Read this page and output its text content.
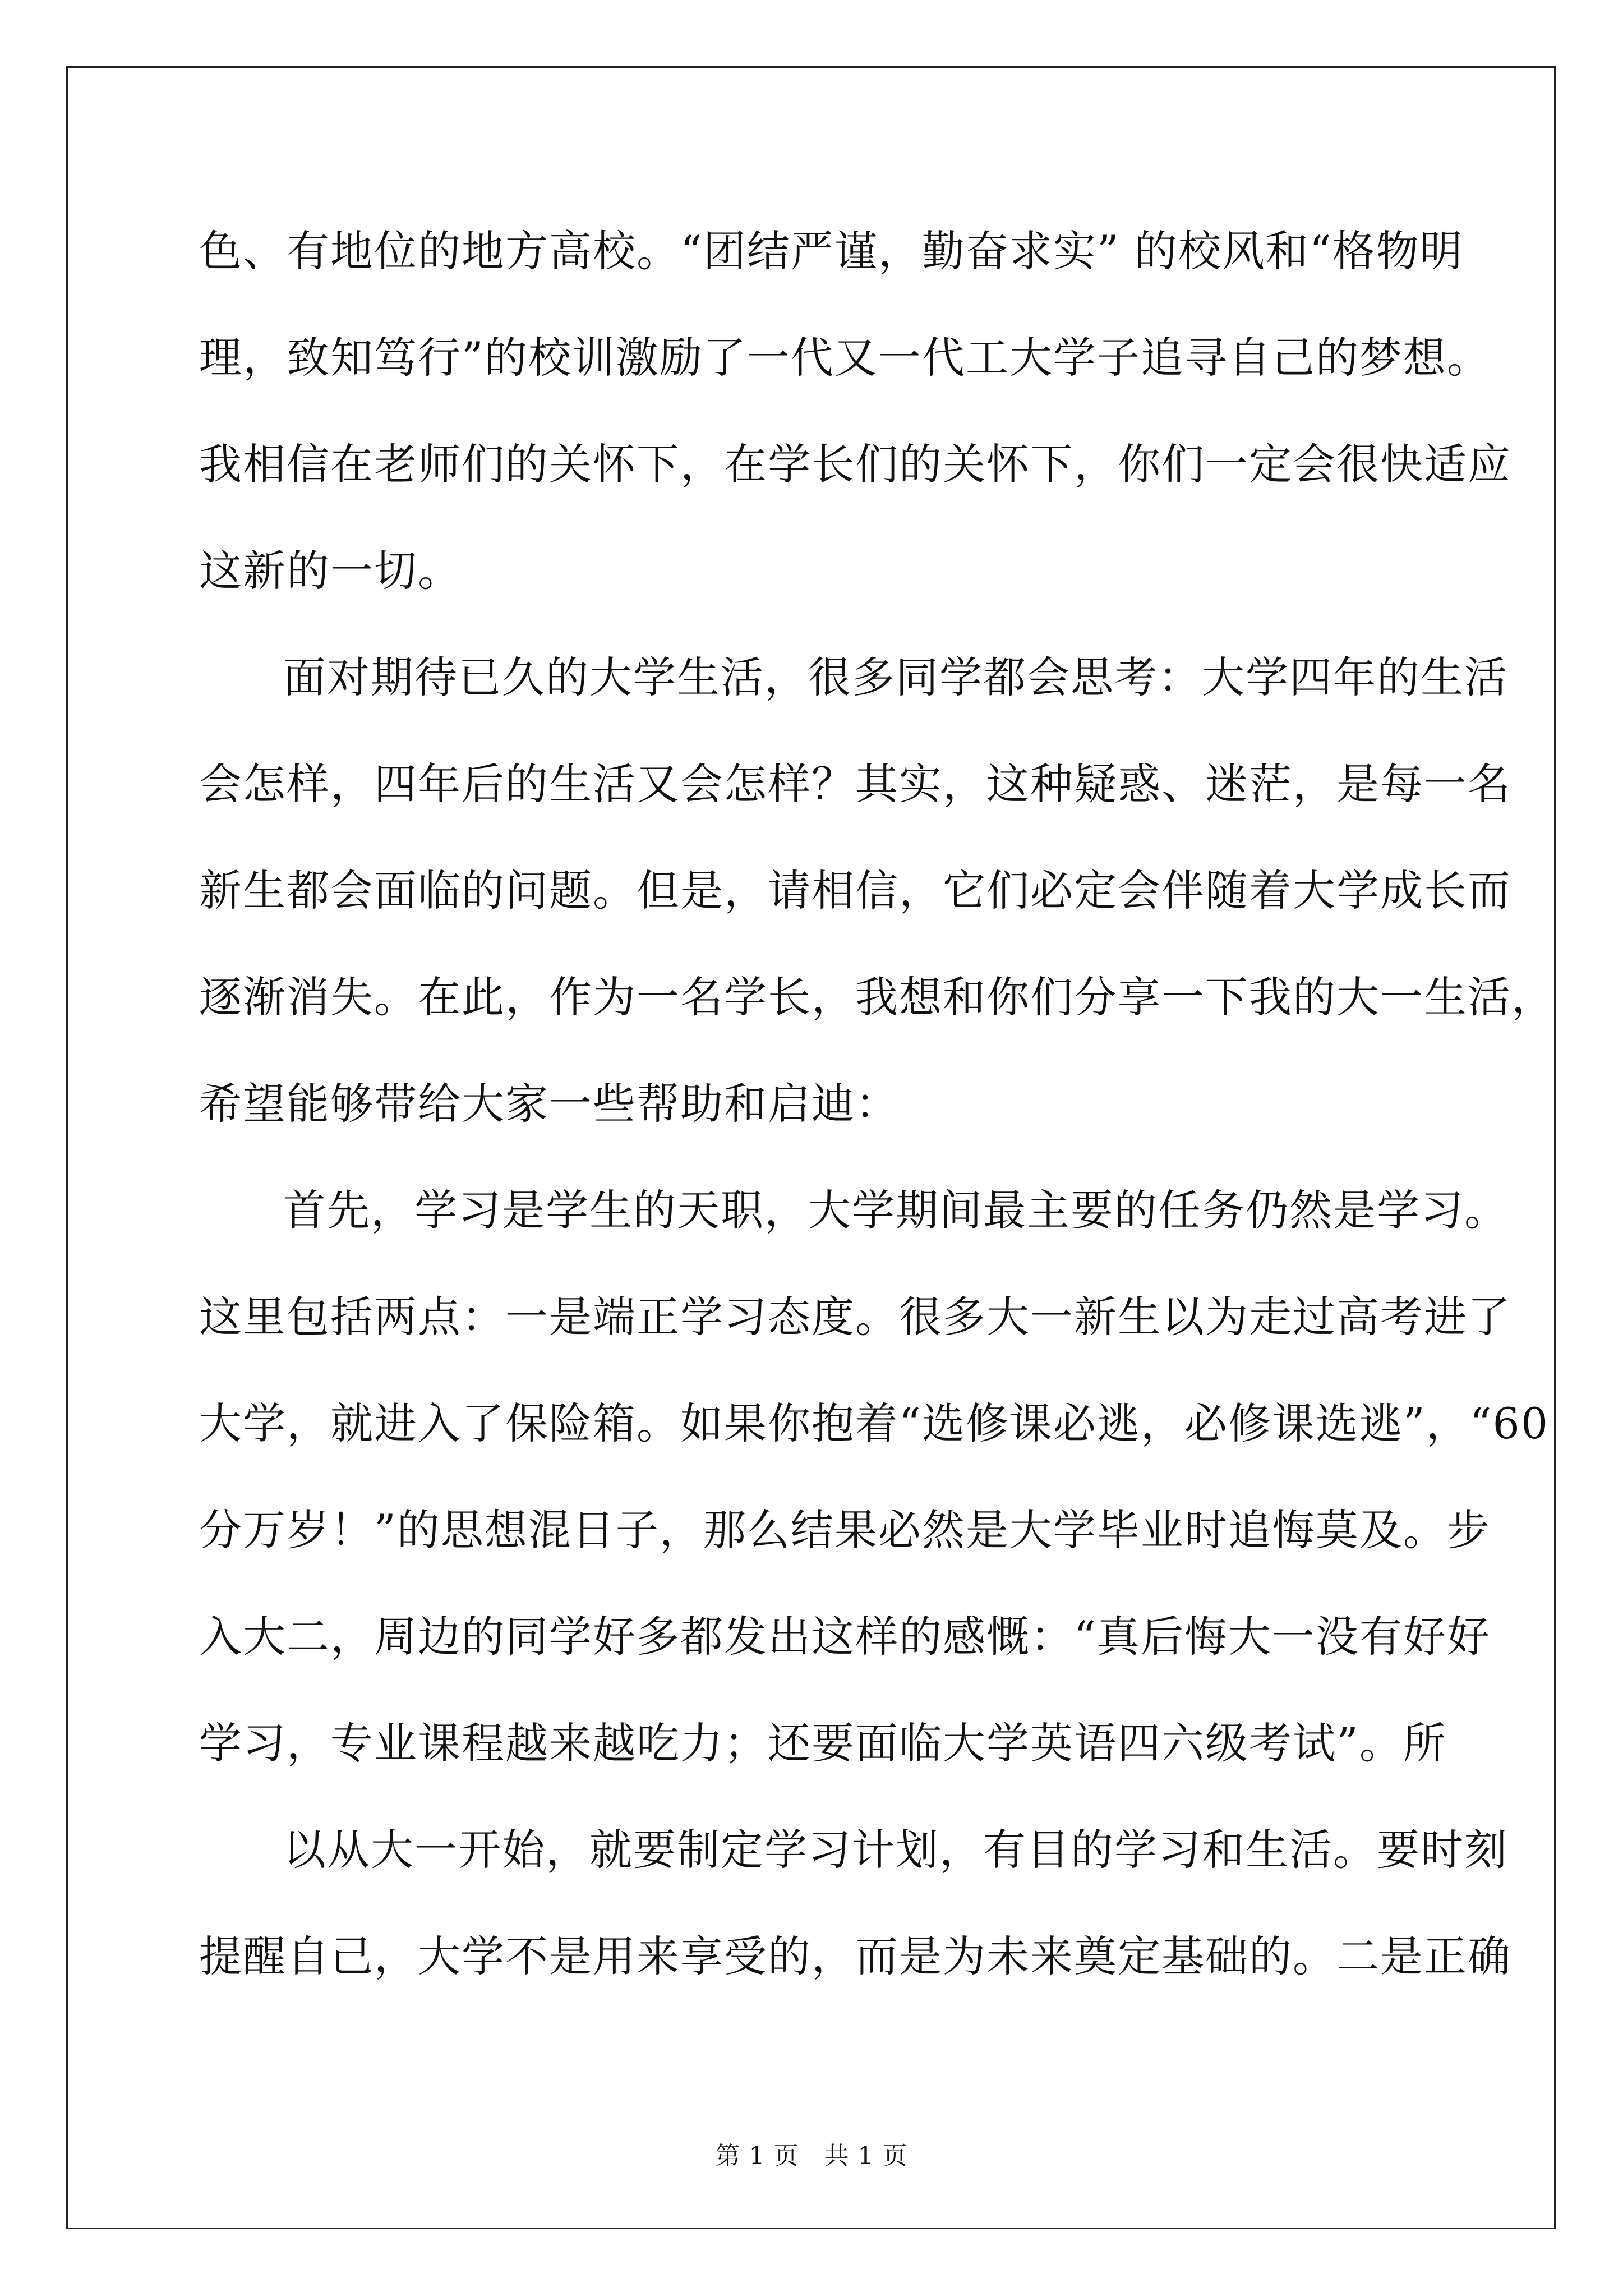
色、有地位的地方高校。“团结严谨，勤奋求实” 的校风和“格物明
理，致知笃行”的校训激励了一代又一代工大学子追寻自己的梦想。
我相信在老师们的关怀下，在学长们的关怀下，你们一定会很快适应
这新的一切。
面对期待已久的大学生活，很多同学都会思考：大学四年的生活
会怎样，四年后的生活又会怎样？其实，这种疑惑、迷茫，是每一名
新生都会面临的问题。但是，请相信，它们必定会伴随着大学成长而
逐渐消失。在此，作为一名学长，我想和你们分享一下我的大一生活，
希望能够带给大家一些帮助和启迪：
首先，学习是学生的天职，大学期间最主要的任务仍然是学习。
这里包括两点：一是端正学习态度。很多大一新生以为走过高考进了
大学，就进入了保险箱。如果你抱着“选修课必逃，必修课选逃”，“60
分万岁！”的思想混日子，那么结果必然是大学毕业时追悔莫及。步
入大二，周边的同学好多都发出这样的感慨：“真后悔大一没有好好
学习，专业课程越来越吃力；还要面临大学英语四六级考试”。所
以从大一开始，就要制定学习计划，有目的学习和生活。要时刻
提醒自己，大学不是用来享受的，而是为未来奠定基础的。二是正确
第 1 页　共 1 页
